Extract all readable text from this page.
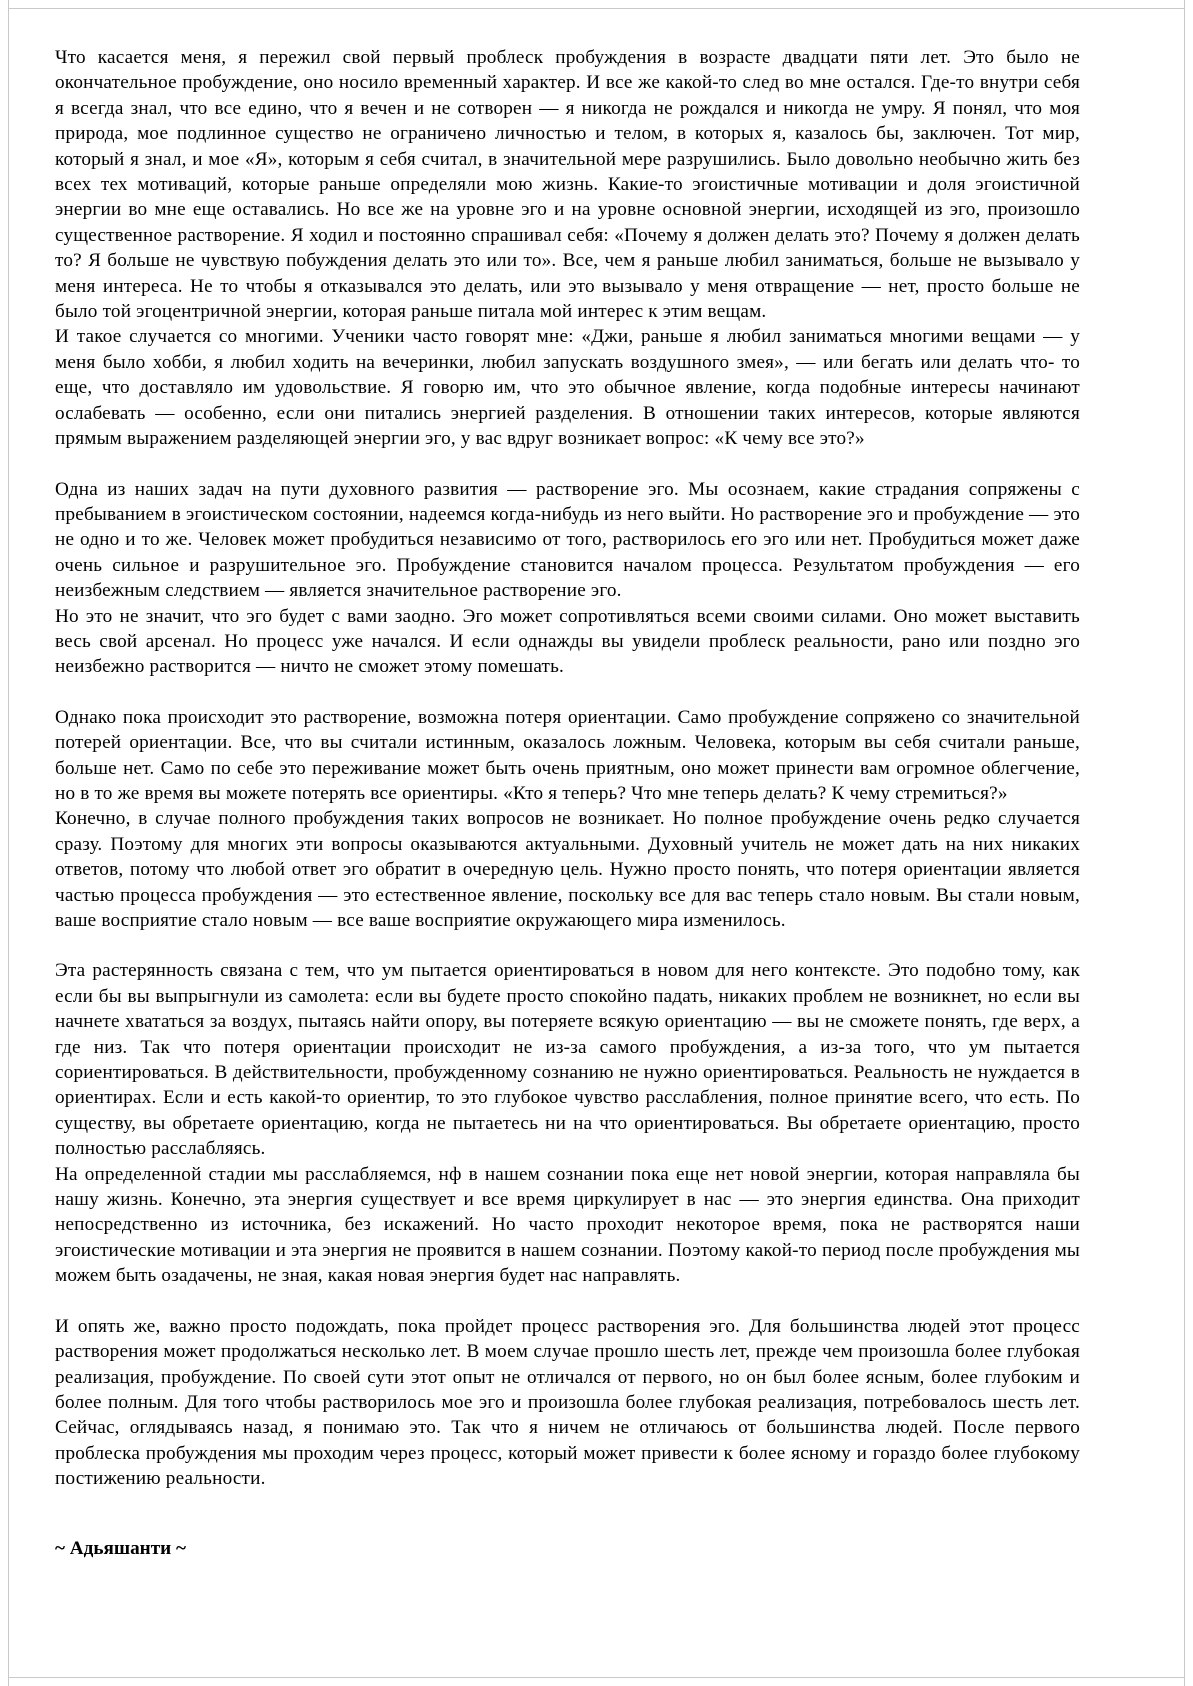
Что касается меня, я пережил свой первый проблеск пробуждения в возрасте двадцати пяти лет. Это было не окончательное пробуждение, оно носило временный характер. И все же какой-то след во мне остался. Где-то внутри себя я всегда знал, что все едино, что я вечен и не сотворен — я никогда не рождался и никогда не умру. Я понял, что моя природа, мое подлинное существо не ограничено личностью и телом, в которых я, казалось бы, заключен. Тот мир, который я знал, и мое «Я», которым я себя считал, в значительной мере разрушились. Было довольно необычно жить без всех тех мотиваций, которые раньше определяли мою жизнь. Какие-то эгоистичные мотивации и доля эгоистичной энергии во мне еще оставались. Но все же на уровне эго и на уровне основной энергии, исходящей из эго, произошло существенное растворение. Я ходил и постоянно спрашивал себя: «Почему я должен делать это? Почему я должен делать то? Я больше не чувствую побуждения делать это или то». Все, чем я раньше любил заниматься, больше не вызывало у меня интереса. Не то чтобы я отказывался это делать, или это вызывало у меня отвращение — нет, просто больше не было той эгоцентричной энергии, которая раньше питала мой интерес к этим вещам.

И такое случается со многими. Ученики часто говорят мне: «Джи, раньше я любил заниматься многими вещами — у меня было хобби, я любил ходить на вечеринки, любил запускать воздушного змея», — или бегать или делать что- то еще, что доставляло им удовольствие. Я говорю им, что это обычное явление, когда подобные интересы начинают ослабевать — особенно, если они питались энергией разделения. В отношении таких интересов, которые являются прямым выражением разделяющей энергии эго, у вас вдруг возникает вопрос: «К чему все это?»

Одна из наших задач на пути духовного развития — растворение эго. Мы осознаем, какие страдания сопряжены с пребыванием в эгоистическом состоянии, надеемся когда-нибудь из него выйти. Но растворение эго и пробуждение — это не одно и то же. Человек может пробудиться независимо от того, растворилось его эго или нет. Пробудиться может даже очень сильное и разрушительное эго. Пробуждение становится началом процесса. Результатом пробуждения — его неизбежным следствием — является значительное растворение эго.

Но это не значит, что эго будет с вами заодно. Эго может сопротивляться всеми своими силами. Оно может выставить весь свой арсенал. Но процесс уже начался. И если однажды вы увидели проблеск реальности, рано или поздно эго неизбежно растворится — ничто не сможет этому помешать.

Однако пока происходит это растворение, возможна потеря ориентации. Само пробуждение сопряжено со значительной потерей ориентации. Все, что вы считали истинным, оказалось ложным. Человека, которым вы себя считали раньше, больше нет. Само по себе это переживание может быть очень приятным, оно может принести вам огромное облегчение, но в то же время вы можете потерять все ориентиры. «Кто я теперь? Что мне теперь делать? К чему стремиться?»

Конечно, в случае полного пробуждения таких вопросов не возникает. Но полное пробуждение очень редко случается сразу. Поэтому для многих эти вопросы оказываются актуальными. Духовный учитель не может дать на них никаких ответов, потому что любой ответ эго обратит в очередную цель. Нужно просто понять, что потеря ориентации является частью процесса пробуждения — это естественное явление, поскольку все для вас теперь стало новым. Вы стали новым, ваше восприятие стало новым — все ваше восприятие окружающего мира изменилось.

Эта растерянность связана с тем, что ум пытается ориентироваться в новом для него контексте. Это подобно тому, как если бы вы выпрыгнули из самолета: если вы будете просто спокойно падать, никаких проблем не возникнет, но если вы начнете хвататься за воздух, пытаясь найти опору, вы потеряете всякую ориентацию — вы не сможете понять, где верх, а где низ. Так что потеря ориентации происходит не из-за самого пробуждения, а из-за того, что ум пытается сориентироваться. В действительности, пробужденному сознанию не нужно ориентироваться. Реальность не нуждается в ориентирах. Если и есть какой-то ориентир, то это глубокое чувство расслабления, полное принятие всего, что есть. По существу, вы обретаете ориентацию, когда не пытаетесь ни на что ориентироваться. Вы обретаете ориентацию, просто полностью расслабляясь.

На определенной стадии мы расслабляемся, нф в нашем сознании пока еще нет новой энергии, которая направляла бы нашу жизнь. Конечно, эта энергия существует и все время циркулирует в нас — это энергия единства. Она приходит непосредственно из источника, без искажений. Но часто проходит некоторое время, пока не растворятся наши эгоистические мотивации и эта энергия не проявится в нашем сознании. Поэтому какой-то период после пробуждения мы можем быть озадачены, не зная, какая новая энергия будет нас направлять.

И опять же, важно просто подождать, пока пройдет процесс растворения эго. Для большинства людей этот процесс растворения может продолжаться несколько лет. В моем случае прошло шесть лет, прежде чем произошла более глубокая реализация, пробуждение. По своей сути этот опыт не отличался от первого, но он был более ясным, более глубоким и более полным. Для того чтобы растворилось мое эго и произошла более глубокая реализация, потребовалось шесть лет. Сейчас, оглядываясь назад, я понимаю это. Так что я ничем не отличаюсь от большинства людей. После первого проблеска пробуждения мы проходим через процесс, который может привести к более ясному и гораздо более глубокому постижению реальности.

~ Адьяшанти ~
